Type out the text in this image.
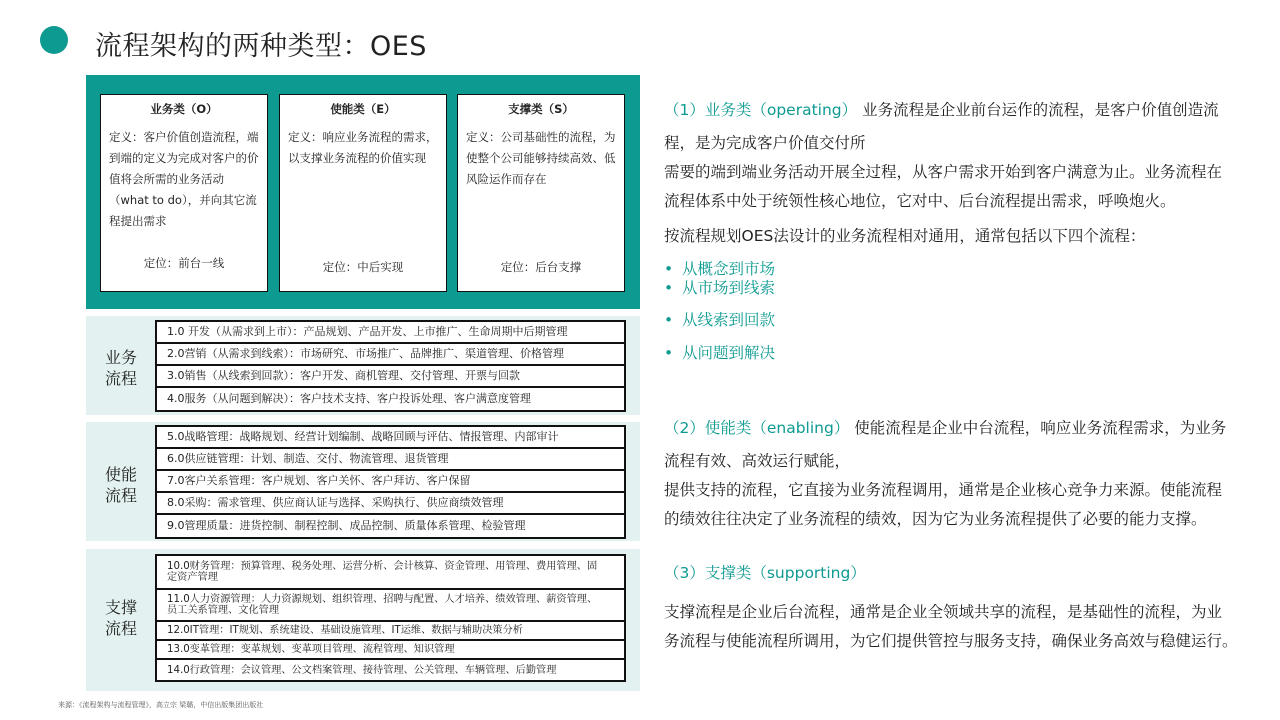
流程架构的两种类型：OES
业务类（O）
定义：客户价值创造流程，端到端的定义为完成对客户的价值将会所需的业务活动（what to do），并向其它流程提出需求
定位：前台一线
使能类（E）
定义：响应业务流程的需求，以支撑业务流程的价值实现
定位：中后实现
支撑类（S）
定义：公司基础性的流程，为使整个公司能够持续高效、低风险运作而存在
定位：后台支撑
业务
流程
1.0 开发（从需求到上市）：产品规划、产品开发、上市推广、生命周期中后期管理
2.0营销（从需求到线索）：市场研究、市场推广、品牌推广、渠道管理、价格管理
3.0销售（从线索到回款）：客户开发、商机管理、交付管理、开票与回款
4.0服务（从问题到解决）：客户技术支持、客户投诉处理、客户满意度管理
使能
流程
5.0战略管理：战略规划、经营计划编制、战略回顾与评估、情报管理、内部审计
6.0供应链管理：计划、制造、交付、物流管理、退货管理
7.0客户关系管理：客户规划、客户关怀、客户拜访、客户保留
8.0采购：需求管理、供应商认证与选择、采购执行、供应商绩效管理
9.0管理质量：进货控制、制程控制、成品控制、质量体系管理、检验管理
支撑
流程
10.0财务管理：预算管理、税务处理、运营分析、会计核算、资金管理、用管理、费用管理、固定资产管理
11.0人力资源管理：人力资源规划、组织管理、招聘与配置、人才培养、绩效管理、薪资管理、员工关系管理、文化管理
12.0IT管理：IT规划、系统建设、基础设施管理、IT运维、数据与辅助决策分析
13.0变革管理：变革规划、变革项目管理、流程管理、知识管理
14.0行政管理：会议管理、公文档案管理、接待管理、公关管理、车辆管理、后勤管理
来源：《流程架构与流程管理》，高立宗 梁璐，中信出版集团出版社
（1）业务类（operating） 业务流程是企业前台运作的流程，是客户价值创造流
程，是为完成客户价值交付所
需要的端到端业务活动开展全过程，从客户需求开始到客户满意为止。业务流程在
流程体系中处于统领性核心地位，它对中、后台流程提出需求，呼唤炮火。
按流程规划OES法设计的业务流程相对通用，通常包括以下四个流程：
• 从概念到市场
• 从市场到线索
• 从线索到回款
• 从问题到解决
（2）使能类（enabling） 使能流程是企业中台流程，响应业务流程需求，为业务
流程有效、高效运行赋能，
提供支持的流程，它直接为业务流程调用，通常是企业核心竞争力来源。使能流程
的绩效往往决定了业务流程的绩效，因为它为业务流程提供了必要的能力支撑。
（3）支撑类（supporting）
支撑流程是企业后台流程，通常是企业全领域共享的流程，是基础性的流程，为业
务流程与使能流程所调用，为它们提供管控与服务支持，确保业务高效与稳健运行。
